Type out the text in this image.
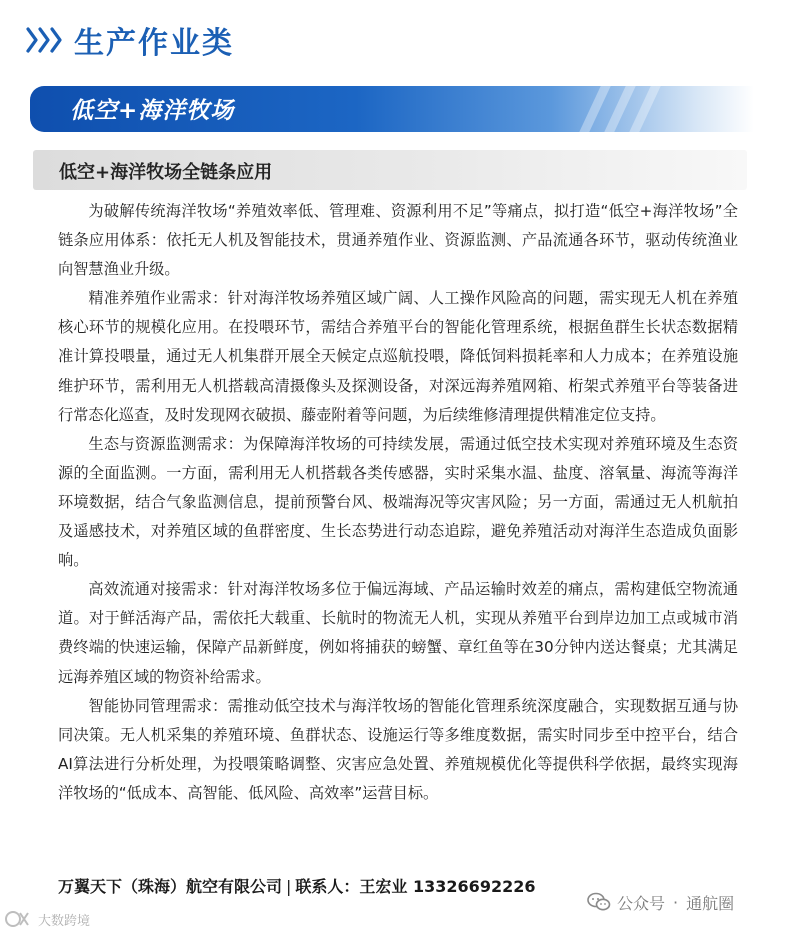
生产作业类
低空+海洋牧场
低空+海洋牧场全链条应用

为破解传统海洋牧场“养殖效率低、管理难、资源利用不足”等痛点，拟打造“低空+海洋牧场”全链条应用体系：依托无人机及智能技术，贯通养殖作业、资源监测、产品流通各环节，驱动传统渔业向智慧渔业升级。

精准养殖作业需求：针对海洋牧场养殖区域广阔、人工操作风险高的问题，需实现无人机在养殖核心环节的规模化应用。在投喂环节，需结合养殖平台的智能化管理系统，根据鱼群生长状态数据精准计算投喂量，通过无人机集群开展全天候定点巡航投喂，降低饲料损耗率和人力成本；在养殖设施维护环节，需利用无人机搭载高清摄像头及探测设备，对深远海养殖网箱、桁架式养殖平台等装备进行常态化巡查，及时发现网衣破损、藤壶附着等问题，为后续维修清理提供精准定位支持。

生态与资源监测需求：为保障海洋牧场的可持续发展，需通过低空技术实现对养殖环境及生态资源的全面监测。一方面，需利用无人机搭载各类传感器，实时采集水温、盐度、溶氧量、海流等海洋环境数据，结合气象监测信息，提前预警台风、极端海况等灾害风险；另一方面，需通过无人机航拍及遥感技术，对养殖区域的鱼群密度、生长态势进行动态追踪，避免养殖活动对海洋生态造成负面影响。

高效流通对接需求：针对海洋牧场多位于偏远海域、产品运输时效差的痛点，需构建低空物流通道。对于鲜活海产品，需依托大载重、长航时的物流无人机，实现从养殖平台到岸边加工点或城市消费终端的快速运输，保障产品新鲜度，例如将捕获的螃蟹、章红鱼等在30分钟内送达餐桌；尤其满足远海养殖区域的物资补给需求。

智能协同管理需求：需推动低空技术与海洋牧场的智能化管理系统深度融合，实现数据互通与协同决策。无人机采集的养殖环境、鱼群状态、设施运行等多维度数据，需实时同步至中控平台，结合AI算法进行分析处理，为投喂策略调整、灾害应急处置、养殖规模优化等提供科学依据，最终实现海洋牧场的“低成本、高智能、低风险、高效率”运营目标。

万翼天下（珠海）航空有限公司 | 联系人：王宏业 13326692226
大数跨境
公众号 · 通航圈
